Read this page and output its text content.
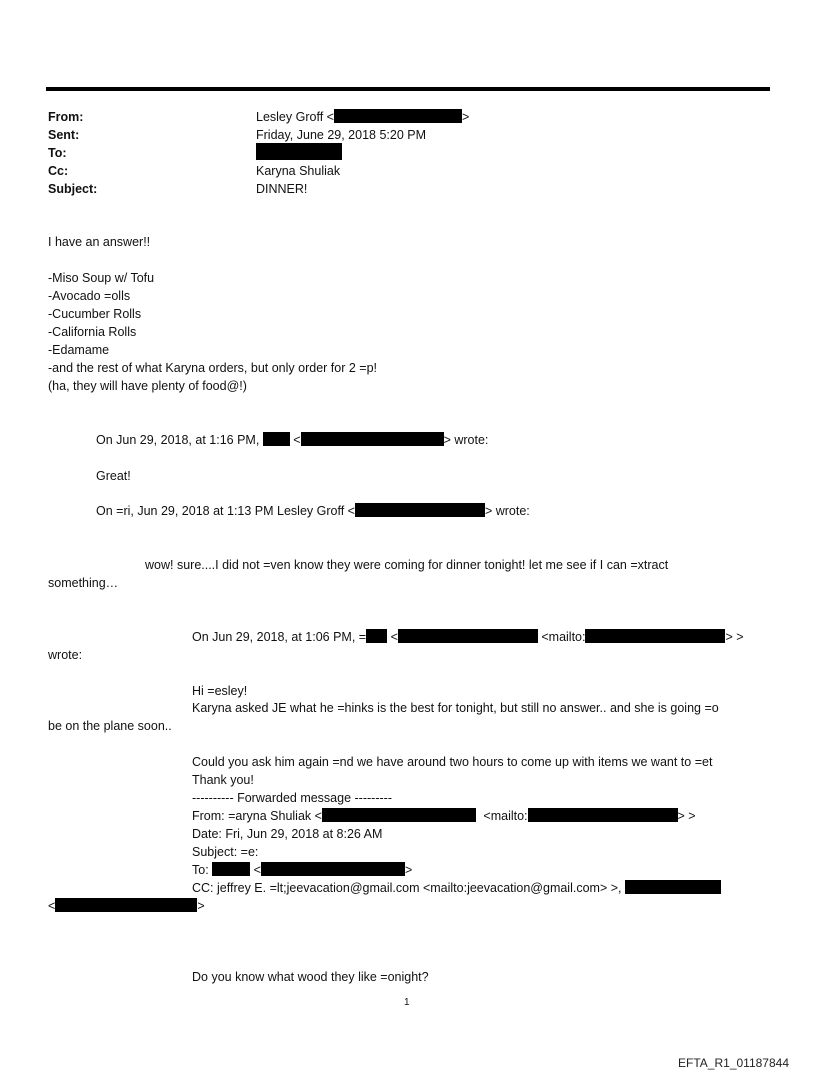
From:	Lesley Groff <	>
Sent:	Friday, June 29, 2018 5:20 PM
To:
Cc:	Karyna Shuliak
Subject:	DINNER!
I have an answer!!
-Miso Soup w/ Tofu
-Avocado =olls
-Cucumber Rolls
-California Rolls
-Edamame
-and the rest of what Karyna orders, but only order for 2 =p!
(ha, they will have plenty of food@!)
On Jun 29, 2018, at 1:16 PM,	<	> wrote:
Great!
On =ri, Jun 29, 2018 at 1:13 PM Lesley Groff <	> wrote:
wow! sure....I did not =ven know they were coming for dinner tonight! let me see if I can =xtract
something…
On Jun 29, 2018, at 1:06 PM, = <	<mailto:	> >
wrote:
Hi =esley!
Karyna asked JE what he =hinks is the best for tonight, but still no answer.. and she is going =o
be on the plane soon..
Could you ask him again =nd we have around two hours to come up with items we want to =et
Thank you!
---------- Forwarded message ---------
From: =aryna Shuliak <	<mailto:	> >
Date: Fri, Jun 29, 2018 at 8:26 AM
Subject: =e:
To:	<	>
CC: jeffrey E. =lt;jeevacation@gmail.com <mailto:jeevacation@gmail.com> >,
<	>
Do you know what wood they like =onight?
1
EFTA_R1_01187844
